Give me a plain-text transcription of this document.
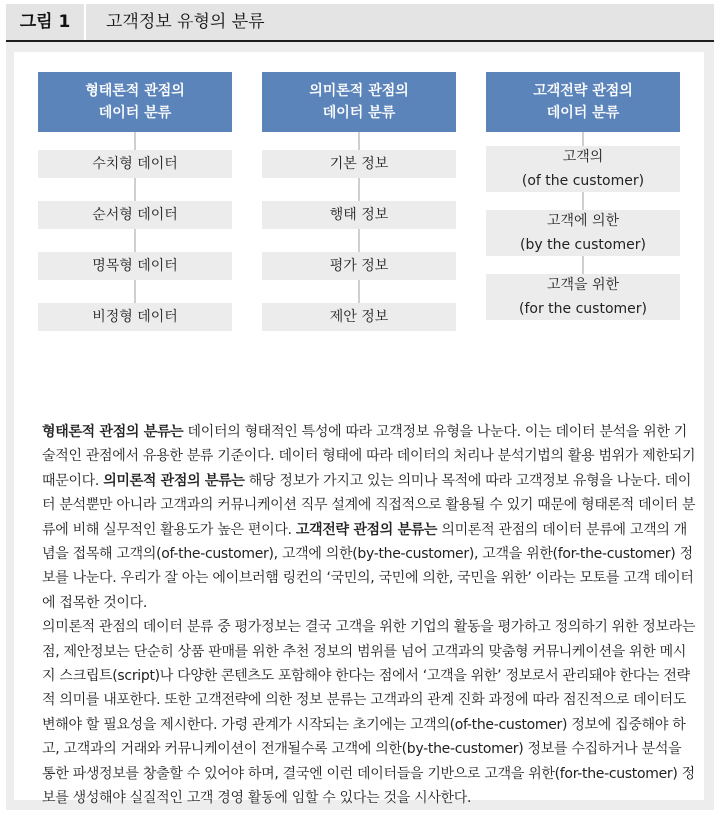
그림 1	고객정보 유형의 분류
형태론적 관점의
데이터 분류
수치형 데이터
순서형 데이터
명목형 데이터
비정형 데이터
의미론적 관점의
데이터 분류
기본 정보
행태 정보
평가 정보
제안 정보
고객전략 관점의
데이터 분류
고객의
(of the customer)
고객에 의한
(by the customer)
고객을 위한
(for the customer)

형태론적 관점의 분류는 데이터의 형태적인 특성에 따라 고객정보 유형을 나눈다. 이는 데이터 분석을 위한 기술적인 관점에서 유용한 분류 기준이다. 데이터 형태에 따라 데이터의 처리나 분석기법의 활용 범위가 제한되기 때문이다. 의미론적 관점의 분류는 해당 정보가 가지고 있는 의미나 목적에 따라 고객정보 유형을 나눈다. 데이터 분석뿐만 아니라 고객과의 커뮤니케이션 직무 설계에 직접적으로 활용될 수 있기 때문에 형태론적 데이터 분류에 비해 실무적인 활용도가 높은 편이다. 고객전략 관점의 분류는 의미론적 관점의 데이터 분류에 고객의 개념을 접목해 고객의(of-the-customer), 고객에 의한(by-the-customer), 고객을 위한(for-the-customer) 정보를 나눈다. 우리가 잘 아는 에이브러햄 링컨의 ‘국민의, 국민에 의한, 국민을 위한’ 이라는 모토를 고객 데이터에 접목한 것이다.

의미론적 관점의 데이터 분류 중 평가정보는 결국 고객을 위한 기업의 활동을 평가하고 정의하기 위한 정보라는 점, 제안정보는 단순히 상품 판매를 위한 추천 정보의 범위를 넘어 고객과의 맞춤형 커뮤니케이션을 위한 메시지 스크립트(script)나 다양한 콘텐츠도 포함해야 한다는 점에서 ‘고객을 위한’ 정보로서 관리돼야 한다는 전략적 의미를 내포한다. 또한 고객전략에 의한 정보 분류는 고객과의 관계 진화 과정에 따라 점진적으로 데이터도 변해야 할 필요성을 제시한다. 가령 관계가 시작되는 초기에는 고객의(of-the-customer) 정보에 집중해야 하고, 고객과의 거래와 커뮤니케이션이 전개될수록 고객에 의한(by-the-customer) 정보를 수집하거나 분석을 통한 파생정보를 창출할 수 있어야 하며, 결국엔 이런 데이터들을 기반으로 고객을 위한(for-the-customer) 정보를 생성해야 실질적인 고객 경영 활동에 임할 수 있다는 것을 시사한다.
